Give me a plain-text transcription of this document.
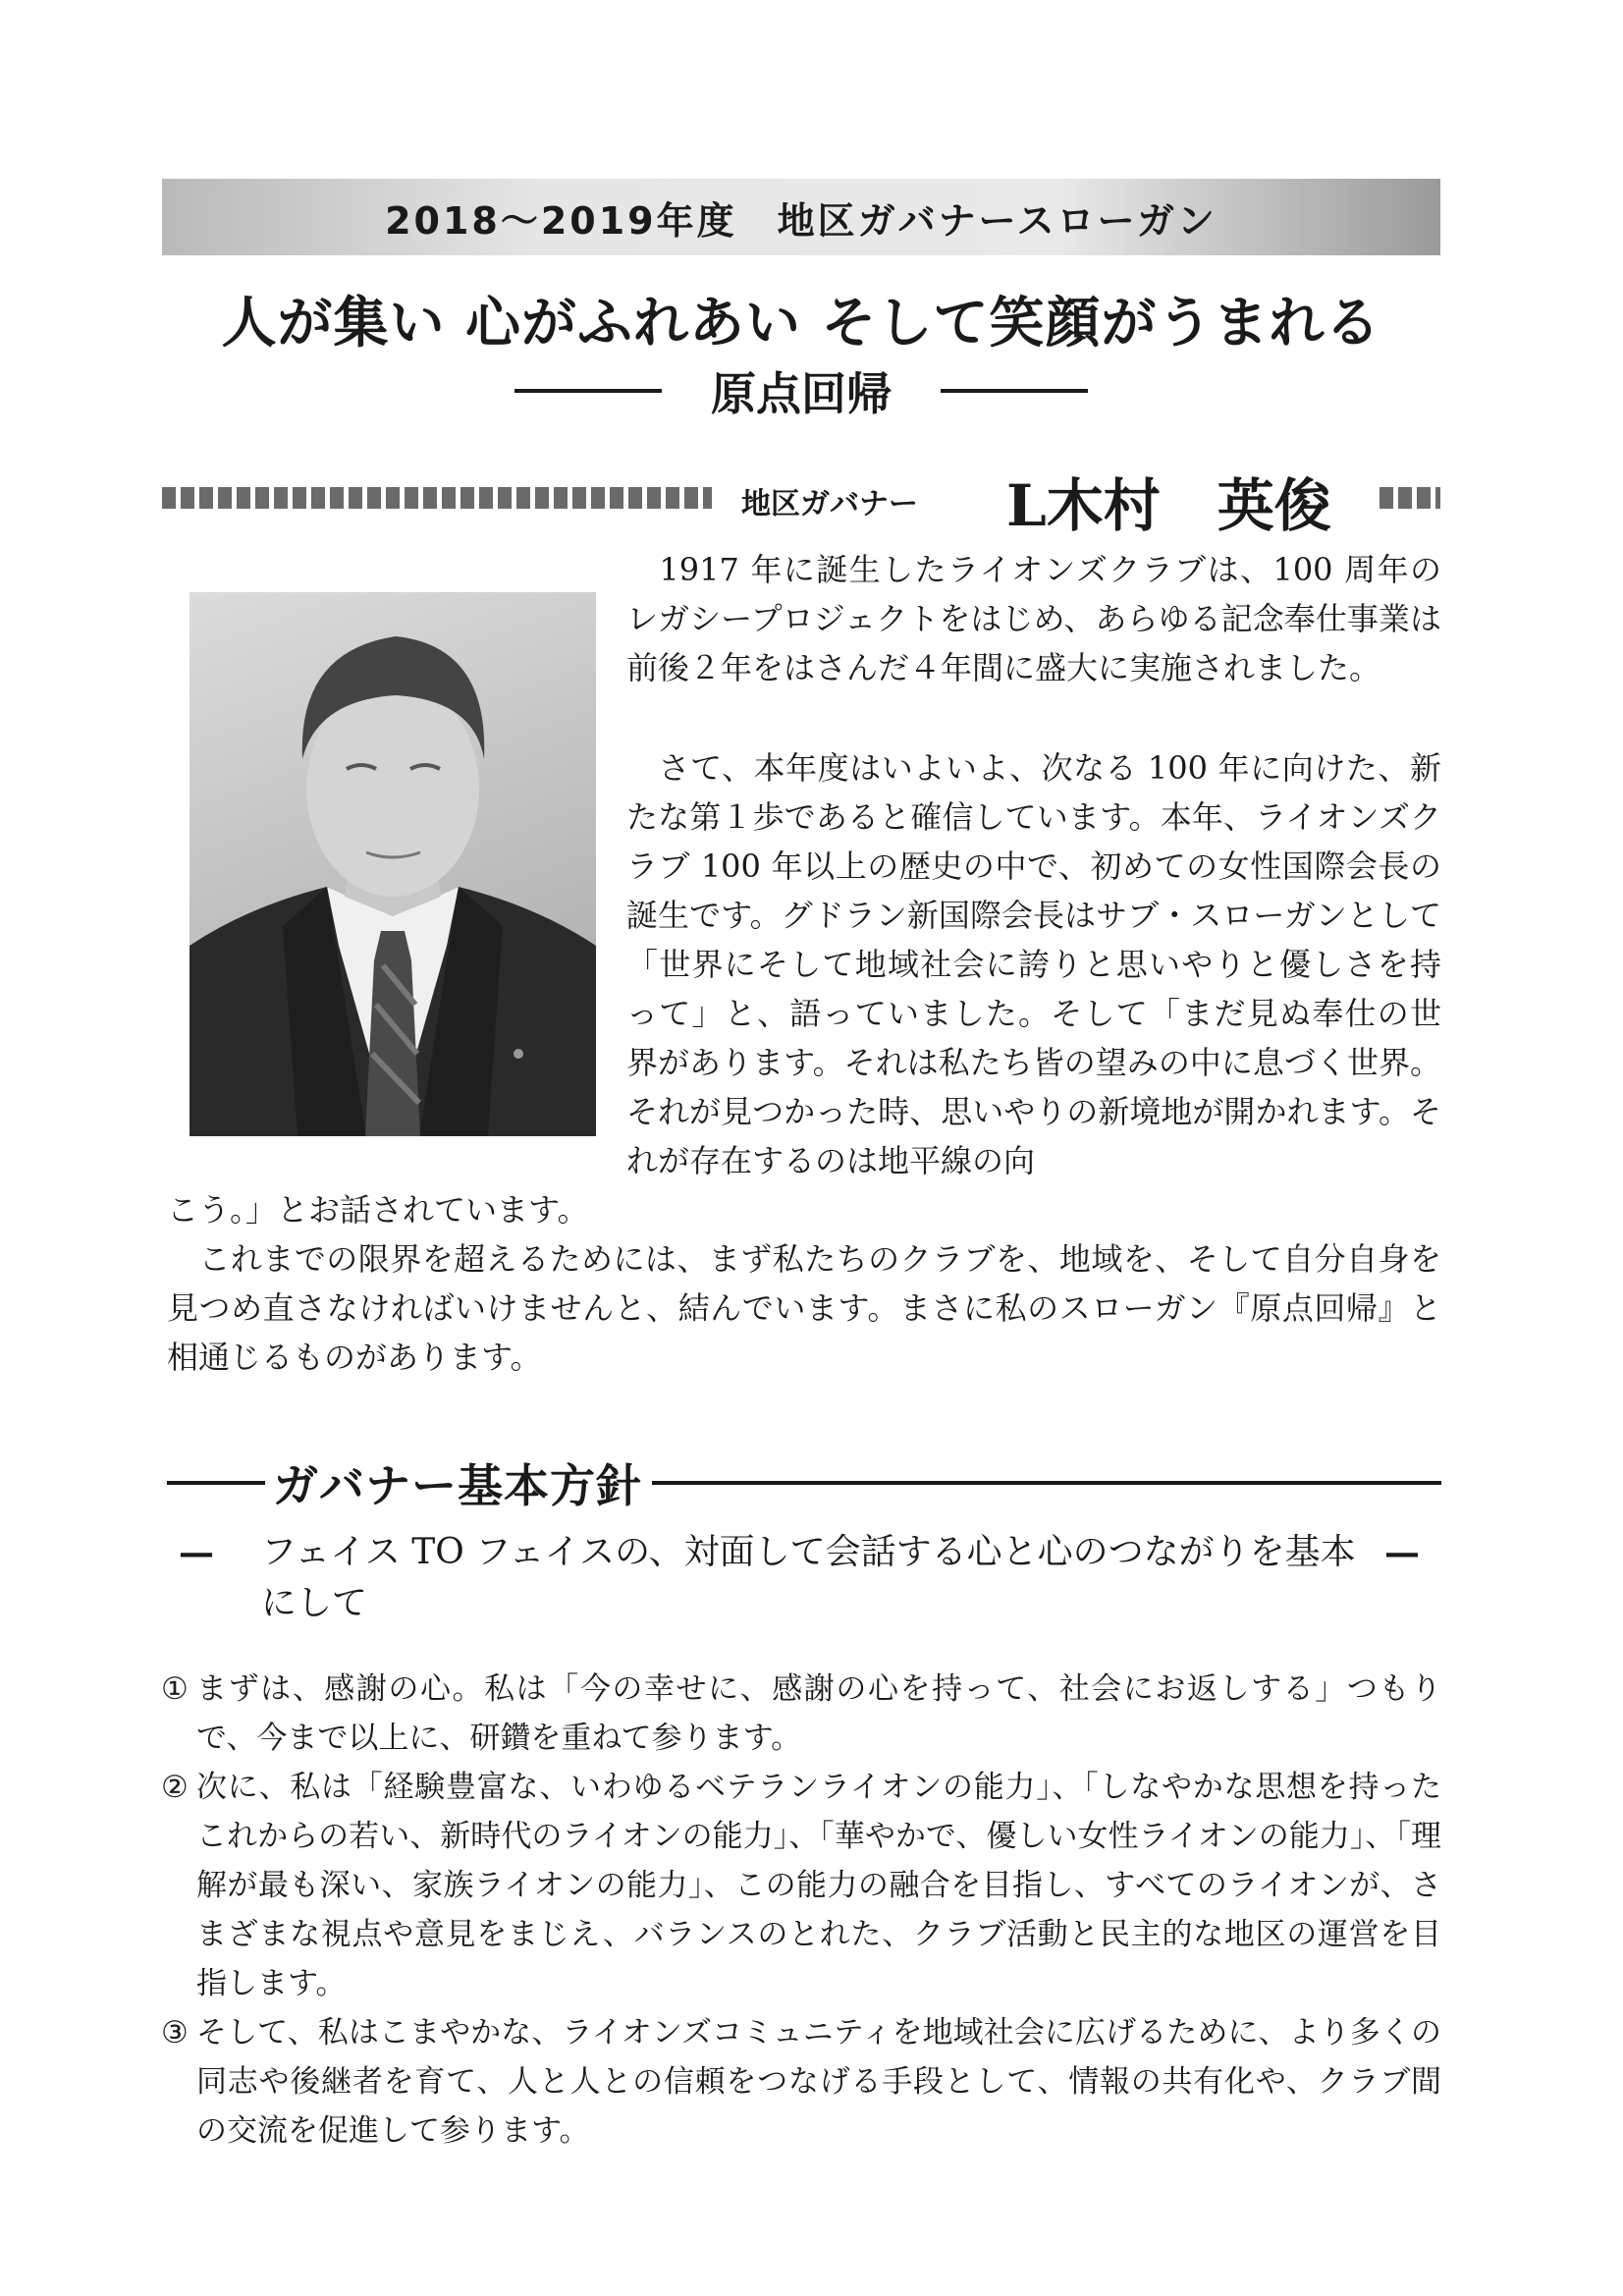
2018～2019年度　地区ガバナースローガン
人が集い 心がふれあい そして笑顔がうまれる
原点回帰
地区ガバナー L木村　英俊

　1917 年に誕生したライオンズクラブは、100 周年のレガシープロジェクトをはじめ、あらゆる記念奉仕事業は前後２年をはさんだ４年間に盛大に実施されました。

　さて、本年度はいよいよ、次なる 100 年に向けた、新たな第１歩であると確信しています。本年、ライオンズクラブ 100 年以上の歴史の中で、初めての女性国際会長の誕生です。グドラン新国際会長はサブ・スローガンとして「世界にそして地域社会に誇りと思いやりと優しさを持って」と、語っていました。そして「まだ見ぬ奉仕の世界があります。それは私たち皆の望みの中に息づく世界。それが見つかった時、思いやりの新境地が開かれます。それが存在するのは地平線の向

こう。」とお話されています。

　これまでの限界を超えるためには、まず私たちのクラブを、地域を、そして自分自身を見つめ直さなければいけませんと、結んでいます。まさに私のスローガン『原点回帰』と相通じるものがあります。

ガバナー基本方針
— フェイス TO フェイスの、対面して会話する心と心のつながりを基本にして
—
① まずは、感謝の心。私は「今の幸せに、感謝の心を持って、社会にお返しする」つもりで、今まで以上に、研鑽を重ねて参ります。
② 次に、私は「経験豊富な、いわゆるベテランライオンの能力」、「しなやかな思想を持ったこれからの若い、新時代のライオンの能力」、「華やかで、優しい女性ライオンの能力」、「理解が最も深い、家族ライオンの能力」、この能力の融合を目指し、すべてのライオンが、さまざまな視点や意見をまじえ、バランスのとれた、クラブ活動と民主的な地区の運営を目指します。
③ そして、私はこまやかな、ライオンズコミュニティを地域社会に広げるために、より多くの同志や後継者を育て、人と人との信頼をつなげる手段として、情報の共有化や、クラブ間の交流を促進して参ります。
